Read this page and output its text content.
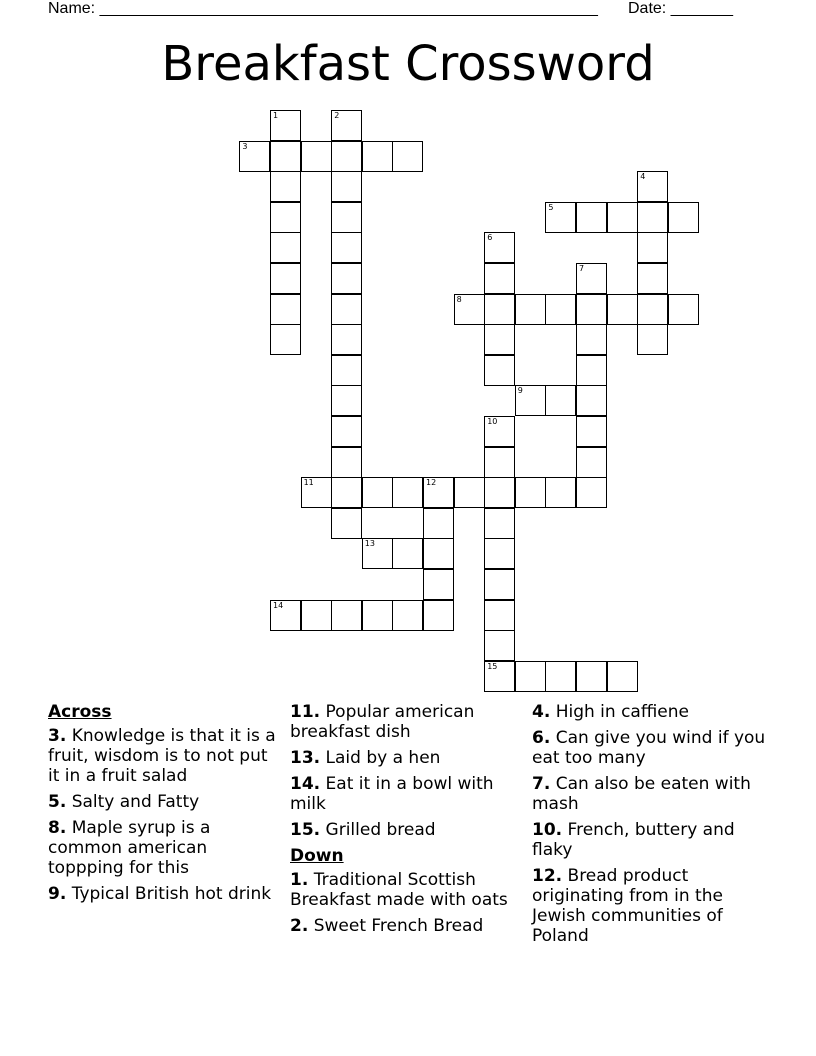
Name: ________________________________________________________ Date: _______
Breakfast Crossword
1	2
3
4
5
6
7
8
9
10
11	12
13
14
15
Across
3. Knowledge is that it is a fruit, wisdom is to not put it in a fruit salad
5. Salty and Fatty
8. Maple syrup is a common american toppping for this
9. Typical British hot drink
11. Popular american breakfast dish
13. Laid by a hen
14. Eat it in a bowl with milk
15. Grilled bread
Down
1. Traditional Scottish Breakfast made with oats
2. Sweet French Bread
4. High in caffiene
6. Can give you wind if you eat too many
7. Can also be eaten with mash
10. French, buttery and flaky
12. Bread product originating from in the Jewish communities of Poland
